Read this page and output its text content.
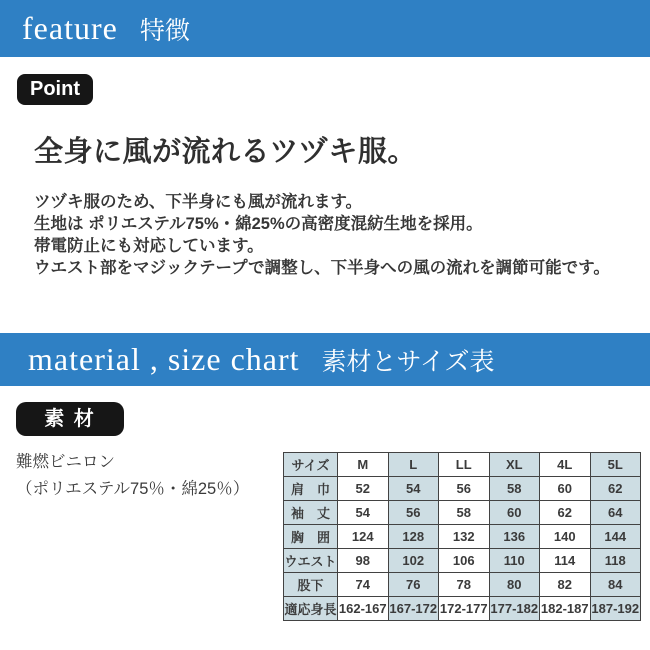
feature 特徴
Point
全身に風が流れるツヅキ服。
ツヅキ服のため、下半身にも風が流れます。
生地は ポリエステル75%・綿25%の高密度混紡生地を採用。
帯電防止にも対応しています。
ウエスト部をマジックテープで調整し、下半身への風の流れを調節可能です。
material , size chart 素材とサイズ表
素 材
難燃ビニロン
（ポリエステル75％・綿25％）
サイズ	M	L	LL	XL	4L	5L
肩　巾	52	54	56	58	60	62
袖　丈	54	56	58	60	62	64
胸　囲	124	128	132	136	140	144
ウエスト	98	102	106	110	114	118
股下	74	76	78	80	82	84
適応身長	162-167	167-172	172-177	177-182	182-187	187-192
